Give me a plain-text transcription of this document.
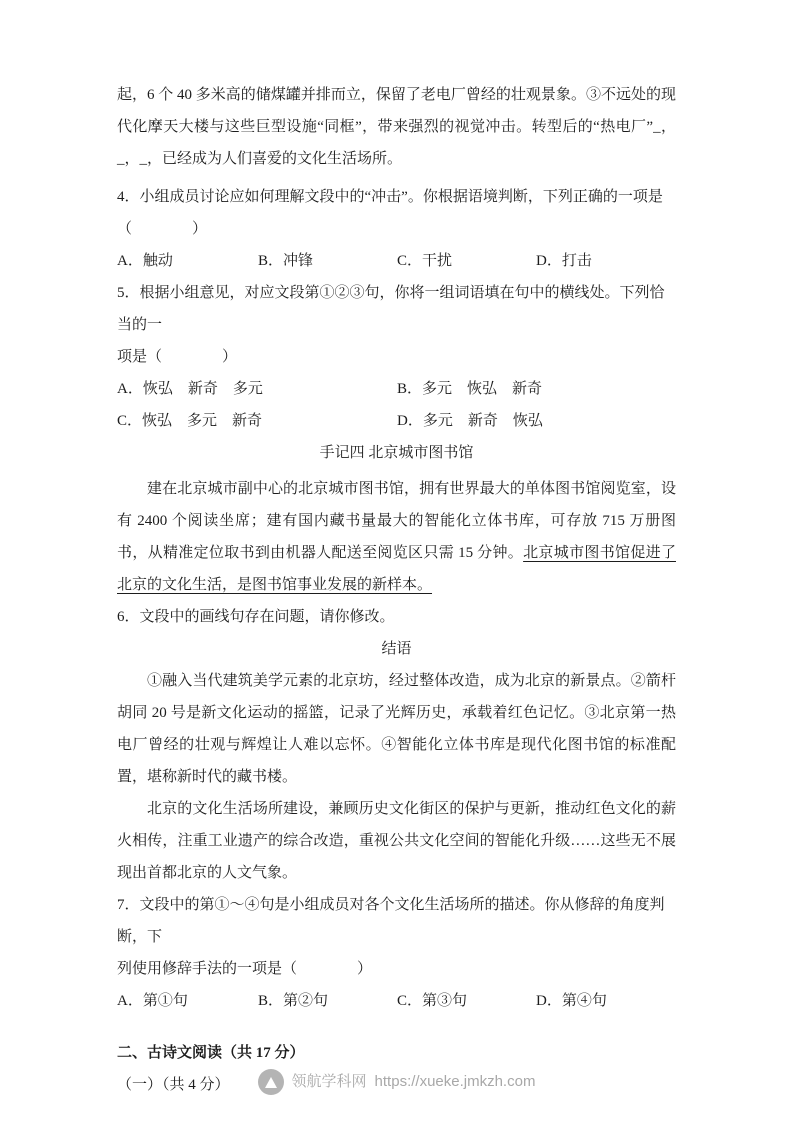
起，6 个 40 多米高的储煤罐并排而立，保留了老电厂曾经的壮观景象。③不远处的现代化摩天大楼与这些巨型设施“同框”，带来强烈的视觉冲击。转型后的“热电厂”_，_，_，已经成为人们喜爱的文化生活场所。

4．小组成员讨论应如何理解文段中的“冲击”。你根据语境判断，下列正确的一项是
（　　　　）
A．触动	B．冲锋	C．干扰	D．打击
5．根据小组意见，对应文段第①②③句，你将一组词语填在句中的横线处。下列恰当的一
项是（　　　　）
A．恢弘　新奇　多元	B．多元　恢弘　新奇
C．恢弘　多元　新奇	D．多元　新奇　恢弘
手记四 北京城市图书馆

建在北京城市副中心的北京城市图书馆，拥有世界最大的单体图书馆阅览室，设有 2400 个阅读坐席；建有国内藏书量最大的智能化立体书库，可存放 715 万册图书，从精准定位取书到由机器人配送至阅览区只需 15 分钟。北京城市图书馆促进了北京的文化生活，是图书馆事业发展的新样本。

6．文段中的画线句存在问题，请你修改。
结语

①融入当代建筑美学元素的北京坊，经过整体改造，成为北京的新景点。②箭杆胡同 20 号是新文化运动的摇篮，记录了光辉历史，承载着红色记忆。③北京第一热电厂曾经的壮观与辉煌让人难以忘怀。④智能化立体书库是现代化图书馆的标准配置，堪称新时代的藏书楼。

北京的文化生活场所建设，兼顾历史文化街区的保护与更新，推动红色文化的薪火相传，注重工业遗产的综合改造，重视公共文化空间的智能化升级……这些无不展现出首都北京的人文气象。

7．文段中的第①～④句是小组成员对各个文化生活场所的描述。你从修辞的角度判断，下
列使用修辞手法的一项是（　　　　）
A．第①句	B．第②句	C．第③句	D．第④句
二、古诗文阅读（共 17 分）
（一）（共 4 分）	领航学科网 https://xueke.jmkzh.com
